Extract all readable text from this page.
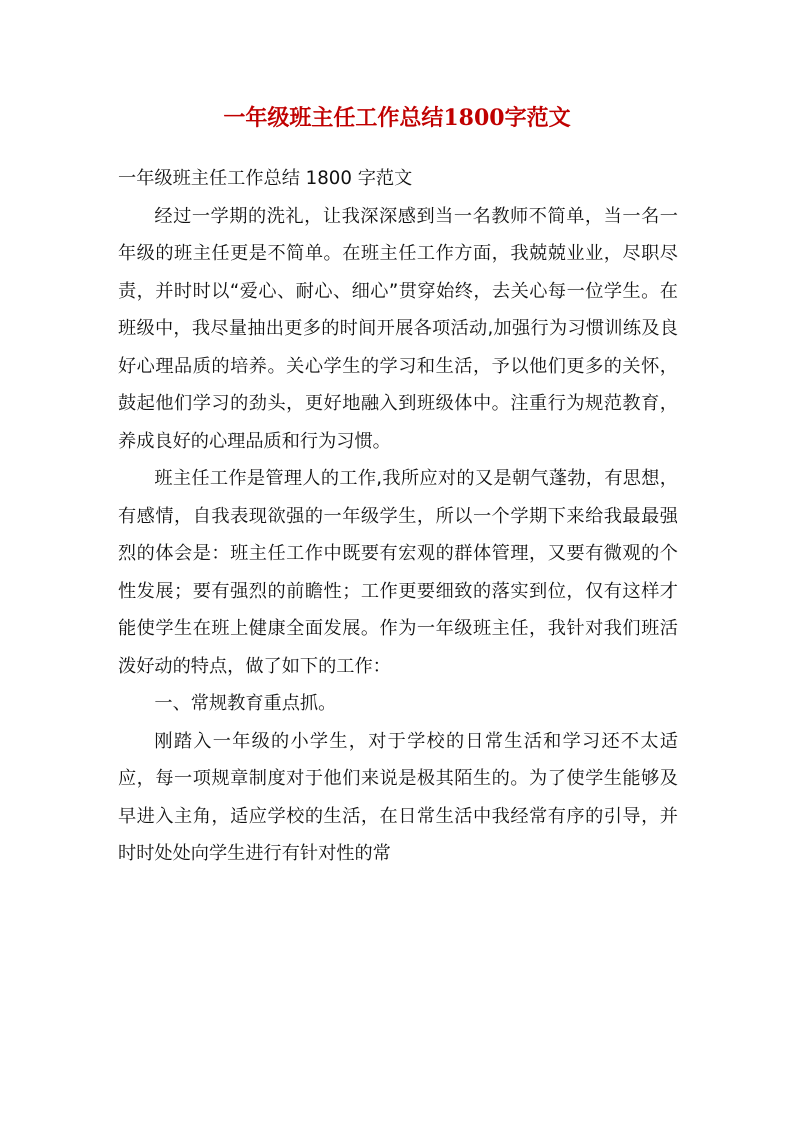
一年级班主任工作总结1800字范文

一年级班主任工作总结 1800 字范文

经过一学期的洗礼，让我深深感到当一名教师不简单，当一名一年级的班主任更是不简单。在班主任工作方面，我兢兢业业，尽职尽责，并时时以“爱心、耐心、细心”贯穿始终，去关心每一位学生。在班级中，我尽量抽出更多的时间开展各项活动,加强行为习惯训练及良好心理品质的培养。关心学生的学习和生活，予以他们更多的关怀，鼓起他们学习的劲头，更好地融入到班级体中。注重行为规范教育，养成良好的心理品质和行为习惯。

班主任工作是管理人的工作,我所应对的又是朝气蓬勃，有思想，有感情，自我表现欲强的一年级学生，所以一个学期下来给我最最强烈的体会是：班主任工作中既要有宏观的群体管理，又要有微观的个性发展；要有强烈的前瞻性；工作更要细致的落实到位，仅有这样才能使学生在班上健康全面发展。作为一年级班主任，我针对我们班活泼好动的特点，做了如下的工作：

一、常规教育重点抓。

刚踏入一年级的小学生，对于学校的日常生活和学习还不太适应，每一项规章制度对于他们来说是极其陌生的。为了使学生能够及早进入主角，适应学校的生活，在日常生活中我经常有序的引导，并时时处处向学生进行有针对性的常
